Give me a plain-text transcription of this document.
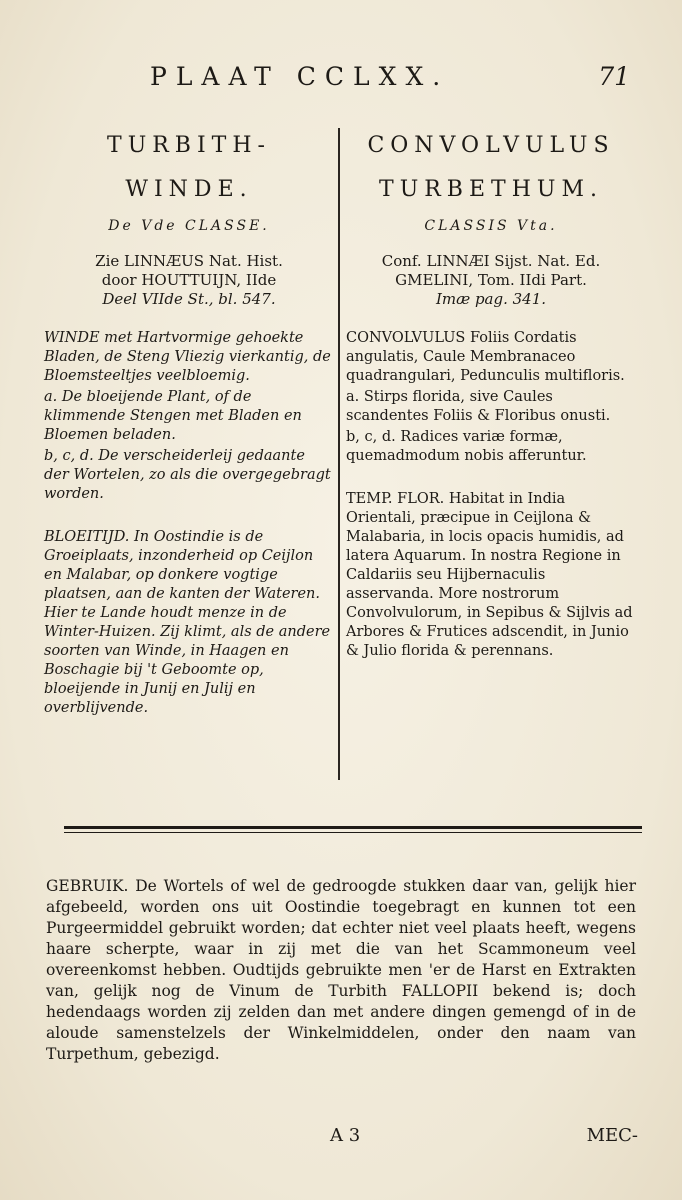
PLAAT CCLXX.	71
TURBITH-
WINDE.
De Vde CLASSE.
Zie LINNÆUS Nat. Hist.
door HOUTTUIJN, IIde
Deel VIIde St., bl. 547.

WINDE met Hartvormige gehoekte Bladen, de Steng Vliezig vierkantig, de Bloemsteeltjes veelbloemig.

a. De bloeijende Plant, of de klimmende Stengen met Bladen en Bloemen beladen.

b, c, d. De verscheiderleij gedaante der Wortelen, zo als die overgegebragt worden.

BLOEITIJD. In Oostindie is de Groeiplaats, inzonderheid op Ceijlon en Malabar, op donkere vogtige plaatsen, aan de kanten der Wateren. Hier te Lande houdt menze in de Winter-Huizen. Zij klimt, als de andere soorten van Winde, in Haagen en Boschagie bij 't Geboomte op, bloeijende in Junij en Julij en overblijvende.

CONVOLVULUS
TURBETHUM.
CLASSIS Vta.
Conf. LINNÆI Sijst. Nat. Ed.
GMELINI, Tom. IIdi Part.
Imæ pag. 341.

CONVOLVULUS Foliis Cordatis angulatis, Caule Membranaceo quadrangulari, Pedunculis multifloris.

a. Stirps florida, sive Caules scandentes Foliis & Floribus onusti.

b, c, d. Radices variæ formæ, quemadmodum nobis afferuntur.

TEMP. FLOR. Habitat in India Orientali, præcipue in Ceijlona & Malabaria, in locis opacis humidis, ad latera Aquarum. In nostra Regione in Caldariis seu Hijbernaculis asservanda. More nostrorum Convolvulorum, in Sepibus & Sijlvis ad Arbores & Frutices adscendit, in Junio & Julio florida & perennans.

GEBRUIK. De Wortels of wel de gedroogde stukken daar van, gelijk hier afgebeeld, worden ons uit Oostindie toegebragt en kunnen tot een Purgeermiddel gebruikt worden; dat echter niet veel plaats heeft, wegens haare scherpte, waar in zij met die van het Scammoneum veel overeenkomst hebben. Oudtijds gebruikte men 'er de Harst en Extrakten van, gelijk nog de Vinum de Turbith FALLOPII bekend is; doch hedendaags worden zij zelden dan met andere dingen gemengd of in de aloude samenstelzels der Winkelmiddelen, onder den naam van Turpethum, gebezigd.
A 3	MEC-
